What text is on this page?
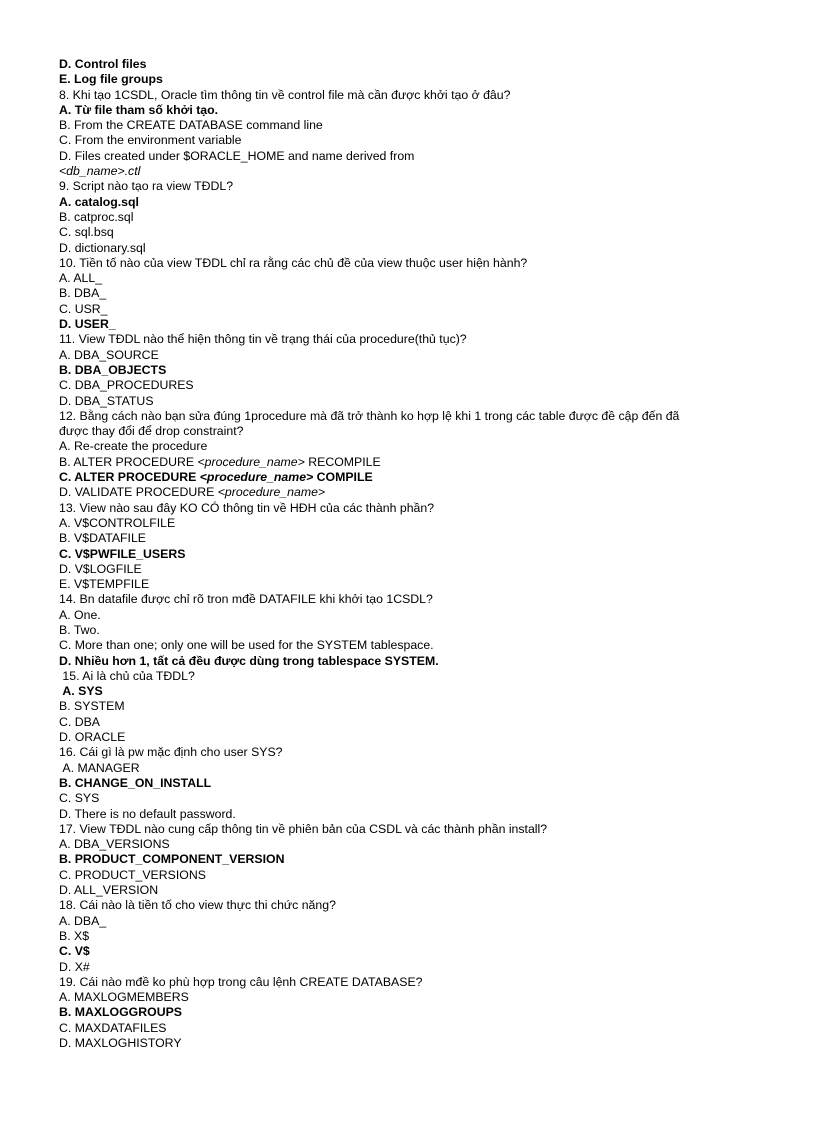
D. Control files
E. Log file groups
8. Khi tạo 1CSDL, Oracle tìm thông tin về control file mà cần được khởi tạo ở đâu?
A. Từ file tham số khởi tạo.
B. From the CREATE DATABASE command line
C. From the environment variable
D. Files created under $ORACLE_HOME and name derived from
<db_name>.ctl
9. Script nào tạo ra view TĐDL?
A. catalog.sql
B. catproc.sql
C. sql.bsq
D. dictionary.sql
10. Tiền tố nào của view TĐDL chỉ ra rằng các chủ đề của view thuộc user hiện hành?
A. ALL_
B. DBA_
C. USR_
D. USER_
11. View TĐDL nào thể hiện thông tin về trạng thái của procedure(thủ tục)?
A. DBA_SOURCE
B. DBA_OBJECTS
C. DBA_PROCEDURES
D. DBA_STATUS
12. Bằng cách nào bạn sửa đúng 1procedure mà đã trở thành ko hợp lệ khi 1 trong các table được đề cập đến đã
được thay đổi để drop constraint?
A. Re-create the procedure
B. ALTER PROCEDURE <procedure_name> RECOMPILE
C. ALTER PROCEDURE <procedure_name> COMPILE
D. VALIDATE PROCEDURE <procedure_name>
13. View nào sau đây KO CÓ thông tin về HĐH của các thành phần?
A. V$CONTROLFILE
B. V$DATAFILE
C. V$PWFILE_USERS
D. V$LOGFILE
E. V$TEMPFILE
14. Bn datafile được chỉ rõ tron mđề DATAFILE khi khởi tạo 1CSDL?
A. One.
B. Two.
C. More than one; only one will be used for the SYSTEM tablespace.
D. Nhiều hơn 1, tất cả đều được dùng trong tablespace SYSTEM.
15. Ai là chủ của TĐDL?
A. SYS
B. SYSTEM
C. DBA
D. ORACLE
16. Cái gì là pw mặc định cho user SYS?
A. MANAGER
B. CHANGE_ON_INSTALL
C. SYS
D. There is no default password.
17. View TĐDL nào cung cấp thông tin về phiên bản của CSDL và các thành phần install?
A. DBA_VERSIONS
B. PRODUCT_COMPONENT_VERSION
C. PRODUCT_VERSIONS
D. ALL_VERSION
18. Cái nào là tiền tố cho view thực thi chức năng?
A. DBA_
B. X$
C. V$
D. X#
19. Cái nào mđề ko phù hợp trong câu lệnh CREATE DATABASE?
A. MAXLOGMEMBERS
B. MAXLOGGROUPS
C. MAXDATAFILES
D. MAXLOGHISTORY
